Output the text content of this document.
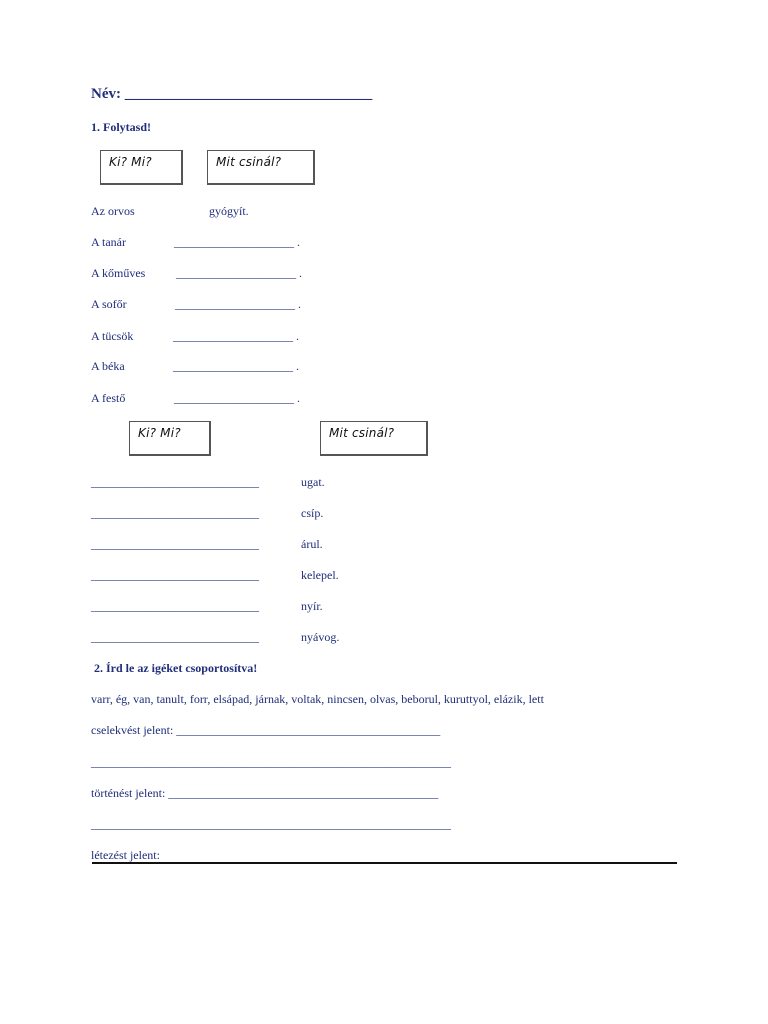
Név: _________________________________
1. Folytasd!
Ki? Mi?	Mit csinál?
Az orvos	gyógyít.
A tanár	____________________ .
A kőműves	____________________ .
A sofőr	____________________ .
A tücsök	____________________ .
A béka	____________________ .
A festő	____________________ .
Ki? Mi?	Mit csinál?
____________________________	ugat.
____________________________	csíp.
____________________________	árul.
____________________________	kelepel.
____________________________	nyír.
____________________________	nyávog.
2. Írd le az igéket csoportosítva!
varr, ég, van, tanult, forr, elsápad, járnak, voltak, nincsen, olvas, beborul, kuruttyol, elázik, lett
cselekvést jelent: ____________________________________________
____________________________________________________________
történést jelent: _____________________________________________
____________________________________________________________
létezést jelent:
